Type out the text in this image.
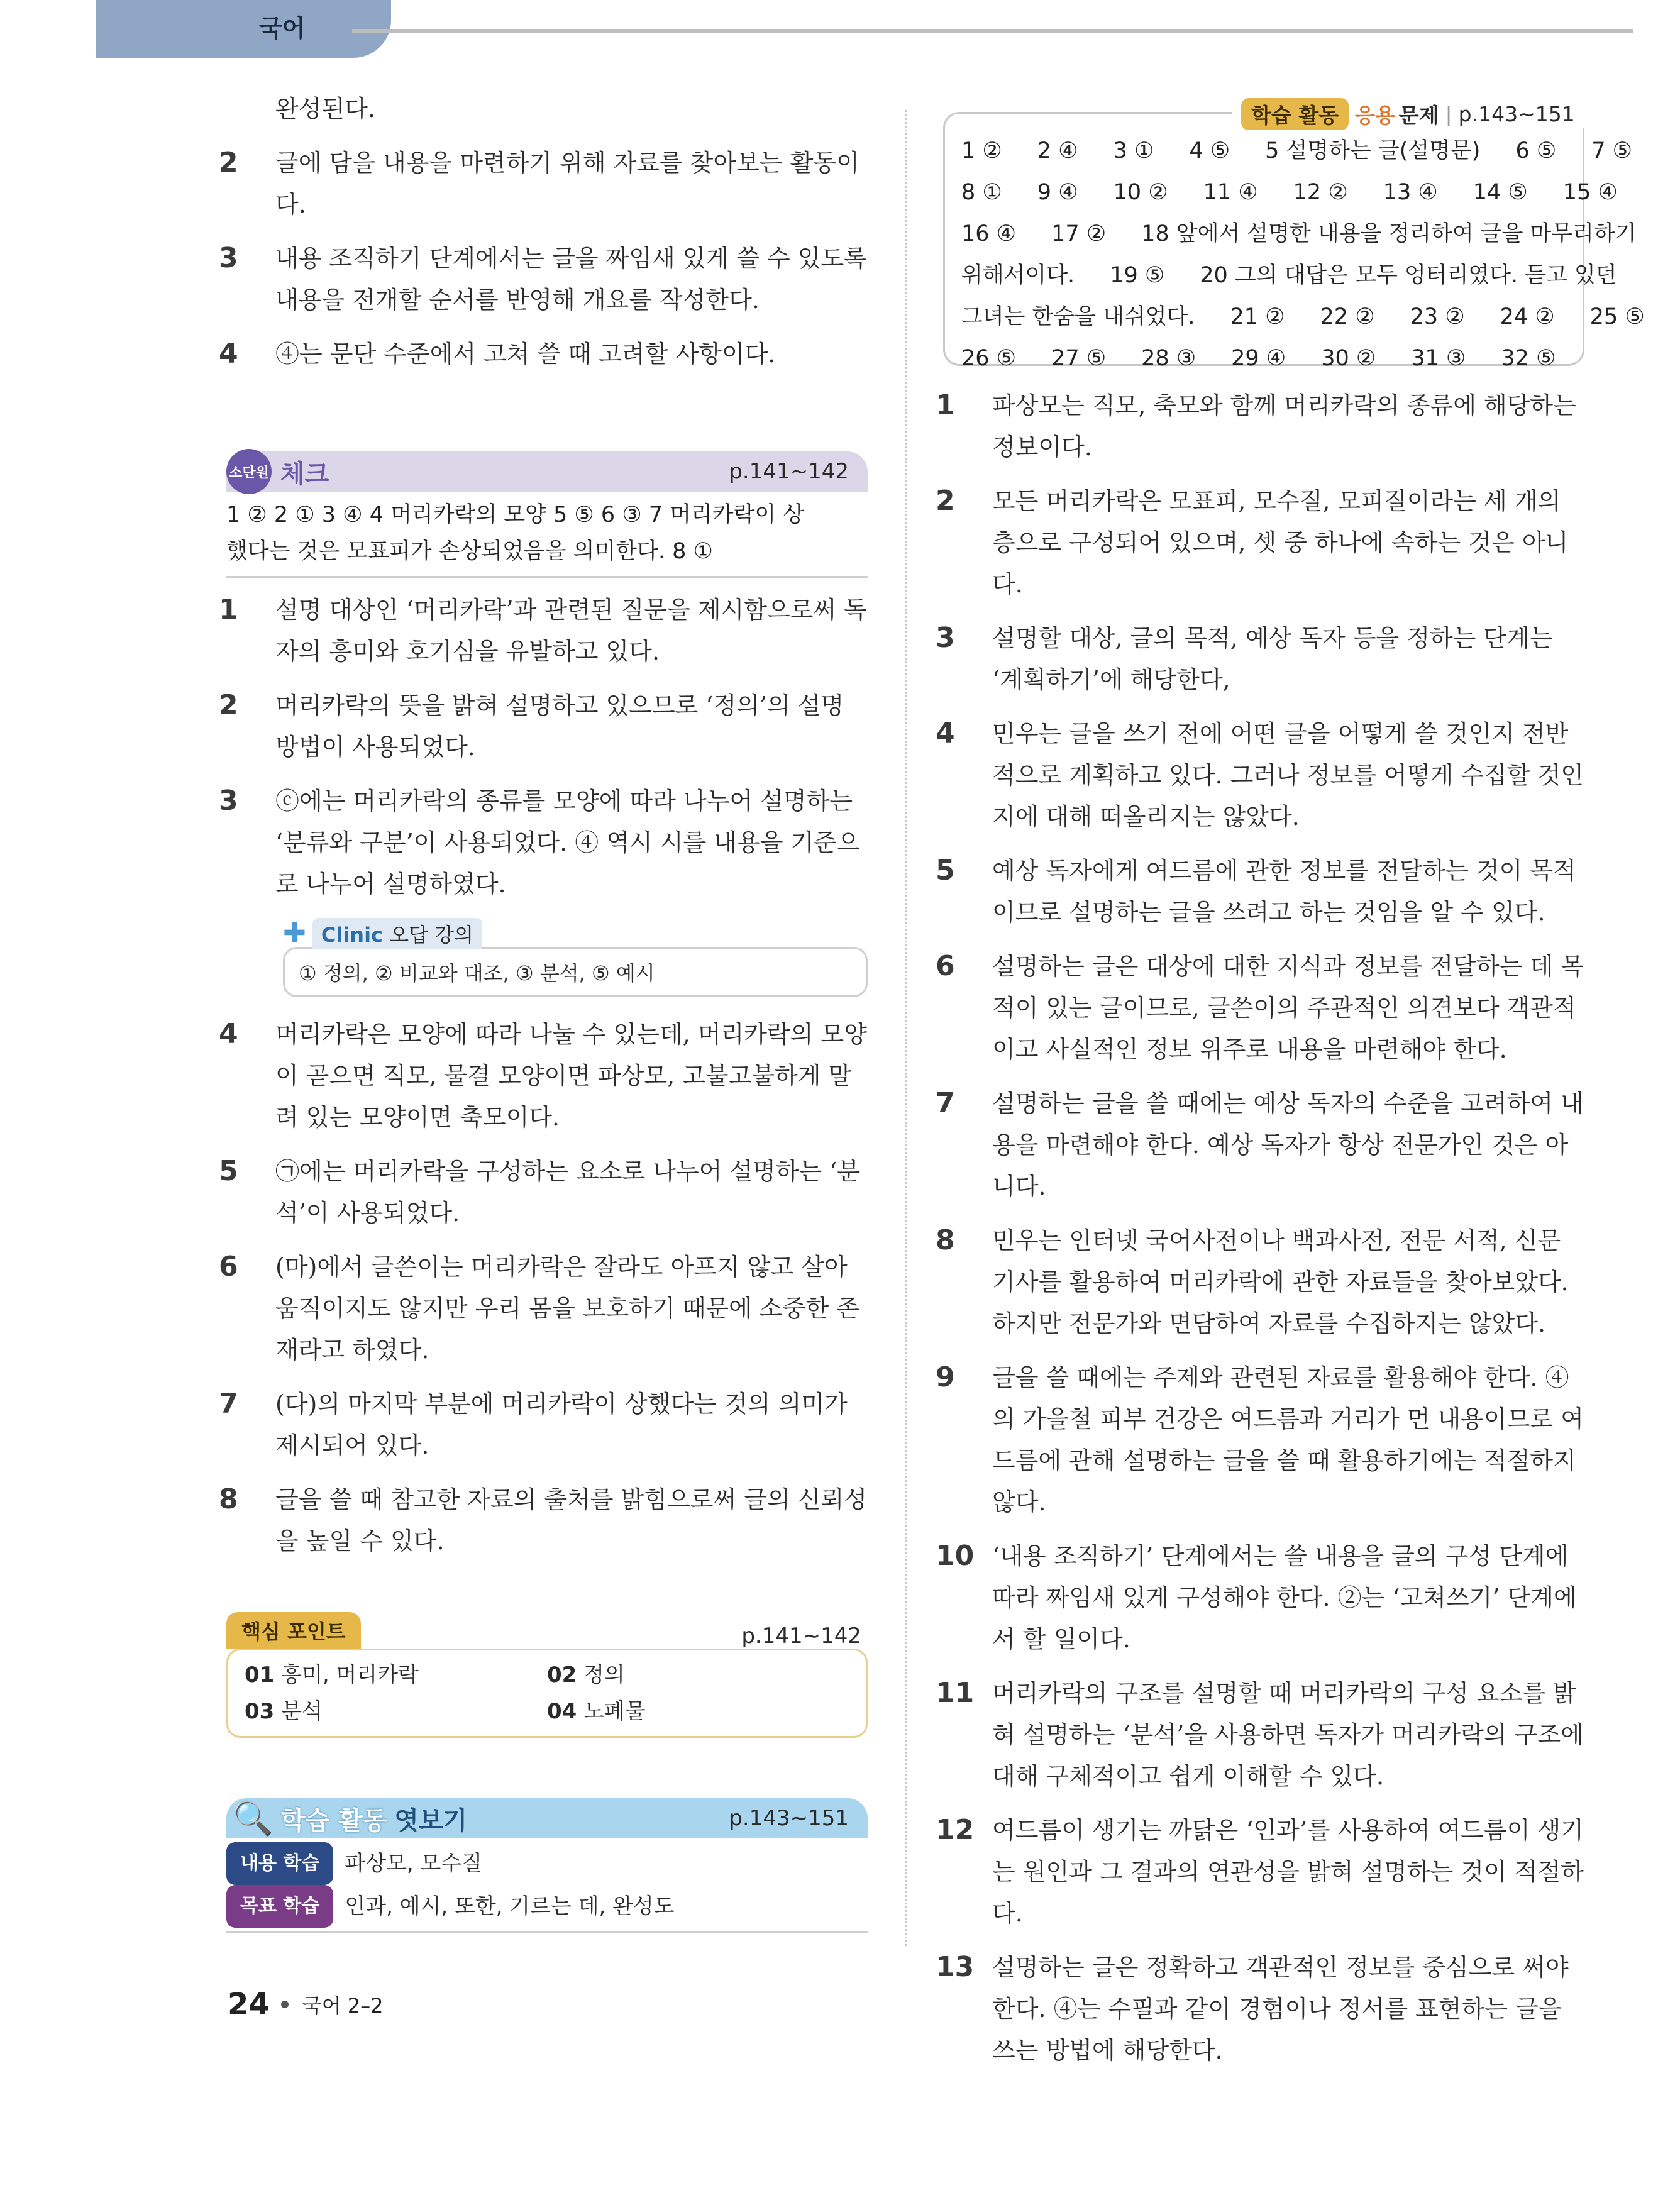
국어
완성된다.
2	글에 담을 내용을 마련하기 위해 자료를 찾아보는 활동이다.
3	내용 조직하기 단계에서는 글을 짜임새 있게 쓸 수 있도록 내용을 전개할 순서를 반영해 개요를 작성한다.
4	④는 문단 수준에서 고쳐 쓸 때 고려할 사항이다.
소단원 체크	p.141∼142
1 ② 2 ① 3 ④ 4 머리카락의 모양 5 ⑤ 6 ③ 7 머리카락이 상
했다는 것은 모표피가 손상되었음을 의미한다. 8 ①
1	설명 대상인 ‘머리카락’과 관련된 질문을 제시함으로써 독자의 흥미와 호기심을 유발하고 있다.
2	머리카락의 뜻을 밝혀 설명하고 있으므로 ‘정의’의 설명 방법이 사용되었다.
3	ⓒ에는 머리카락의 종류를 모양에 따라 나누어 설명하는 ‘분류와 구분’이 사용되었다. ④ 역시 시를 내용을 기준으로 나누어 설명하였다.
✚ Clinic 오답 강의
① 정의, ② 비교와 대조, ③ 분석, ⑤ 예시
4	머리카락은 모양에 따라 나눌 수 있는데, 머리카락의 모양이 곧으면 직모, 물결 모양이면 파상모, 고불고불하게 말려 있는 모양이면 축모이다.
5	㉠에는 머리카락을 구성하는 요소로 나누어 설명하는 ‘분석’이 사용되었다.
6	(마)에서 글쓴이는 머리카락은 잘라도 아프지 않고 살아 움직이지도 않지만 우리 몸을 보호하기 때문에 소중한 존재라고 하였다.
7	(다)의 마지막 부분에 머리카락이 상했다는 것의 의미가 제시되어 있다.
8	글을 쓸 때 참고한 자료의 출처를 밝힘으로써 글의 신뢰성을 높일 수 있다.
핵심 포인트	p.141∼142
01 흥미, 머리카락	02 정의
03 분석	04 노폐물
🔍 학습 활동 엿보기	p.143∼151
내용 학습	파상모, 모수질
목표 학습	인과, 예시, 또한, 기르는 데, 완성도
1 ② 2 ④ 3 ① 4 ⑤ 5 설명하는 글(설명문) 6 ⑤ 7 ⑤
8 ① 9 ④ 10 ② 11 ④ 12 ② 13 ④ 14 ⑤ 15 ④
16 ④ 17 ② 18 앞에서 설명한 내용을 정리하여 글을 마무리하기
위해서이다. 19 ⑤ 20 그의 대답은 모두 엉터리였다. 듣고 있던
그녀는 한숨을 내쉬었다. 21 ② 22 ② 23 ② 24 ② 25 ⑤
26 ⑤ 27 ⑤ 28 ③ 29 ④ 30 ② 31 ③ 32 ⑤
학습 활동 응용 문제 | p.143∼151
1	파상모는 직모, 축모와 함께 머리카락의 종류에 해당하는 정보이다.
2	모든 머리카락은 모표피, 모수질, 모피질이라는 세 개의 층으로 구성되어 있으며, 셋 중 하나에 속하는 것은 아니다.
3	설명할 대상, 글의 목적, 예상 독자 등을 정하는 단계는 ‘계획하기’에 해당한다,
4	민우는 글을 쓰기 전에 어떤 글을 어떻게 쓸 것인지 전반적으로 계획하고 있다. 그러나 정보를 어떻게 수집할 것인지에 대해 떠올리지는 않았다.
5	예상 독자에게 여드름에 관한 정보를 전달하는 것이 목적이므로 설명하는 글을 쓰려고 하는 것임을 알 수 있다.
6	설명하는 글은 대상에 대한 지식과 정보를 전달하는 데 목적이 있는 글이므로, 글쓴이의 주관적인 의견보다 객관적이고 사실적인 정보 위주로 내용을 마련해야 한다.
7	설명하는 글을 쓸 때에는 예상 독자의 수준을 고려하여 내용을 마련해야 한다. 예상 독자가 항상 전문가인 것은 아니다.
8	민우는 인터넷 국어사전이나 백과사전, 전문 서적, 신문 기사를 활용하여 머리카락에 관한 자료들을 찾아보았다. 하지만 전문가와 면담하여 자료를 수집하지는 않았다.
9	글을 쓸 때에는 주제와 관련된 자료를 활용해야 한다. ④의 가을철 피부 건강은 여드름과 거리가 먼 내용이므로 여드름에 관해 설명하는 글을 쓸 때 활용하기에는 적절하지 않다.
10 ‘내용 조직하기’ 단계에서는 쓸 내용을 글의 구성 단계에 따라 짜임새 있게 구성해야 한다. ②는 ‘고쳐쓰기’ 단계에서 할 일이다.
11 머리카락의 구조를 설명할 때 머리카락의 구성 요소를 밝혀 설명하는 ‘분석’을 사용하면 독자가 머리카락의 구조에 대해 구체적이고 쉽게 이해할 수 있다.
12 여드름이 생기는 까닭은 ‘인과’를 사용하여 여드름이 생기는 원인과 그 결과의 연관성을 밝혀 설명하는 것이 적절하다.
13 설명하는 글은 정확하고 객관적인 정보를 중심으로 써야 한다. ④는 수필과 같이 경험이나 정서를 표현하는 글을 쓰는 방법에 해당한다.
24 국어 2–2
